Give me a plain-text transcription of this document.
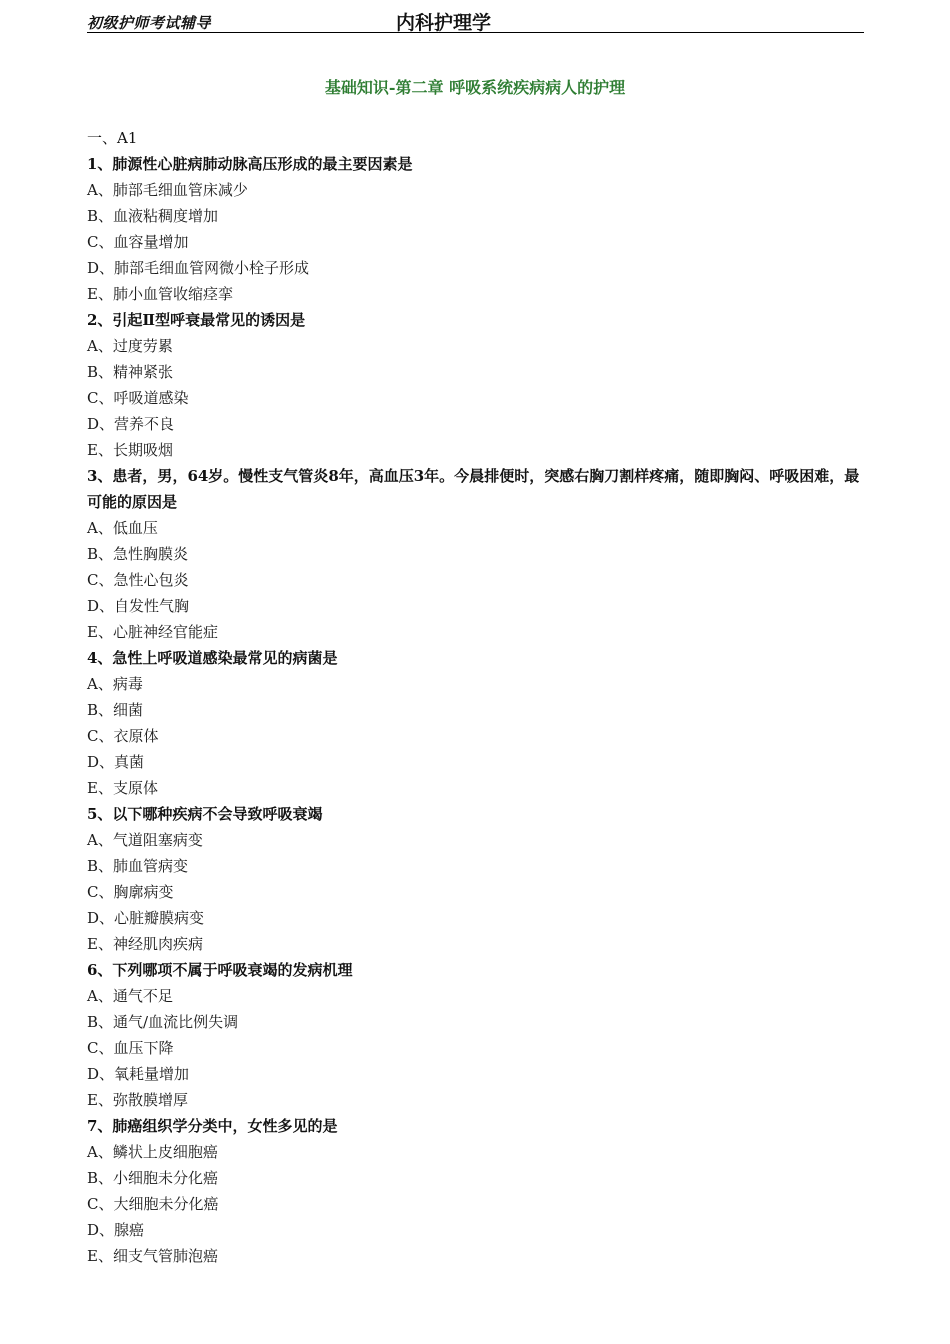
初级护师考试辅导	内科护理学
基础知识-第二章 呼吸系统疾病病人的护理
一、A1
1、肺源性心脏病肺动脉高压形成的最主要因素是
A、肺部毛细血管床减少
B、血液粘稠度增加
C、血容量增加
D、肺部毛细血管网微小栓子形成
E、肺小血管收缩痉挛
2、引起Ⅱ型呼衰最常见的诱因是
A、过度劳累
B、精神紧张
C、呼吸道感染
D、营养不良
E、长期吸烟
3、患者，男，64岁。慢性支气管炎8年，高血压3年。今晨排便时，突感右胸刀割样疼痛，随即胸闷、呼吸困难，最可能的原因是
A、低血压
B、急性胸膜炎
C、急性心包炎
D、自发性气胸
E、心脏神经官能症
4、急性上呼吸道感染最常见的病菌是
A、病毒
B、细菌
C、衣原体
D、真菌
E、支原体
5、以下哪种疾病不会导致呼吸衰竭
A、气道阻塞病变
B、肺血管病变
C、胸廓病变
D、心脏瓣膜病变
E、神经肌肉疾病
6、下列哪项不属于呼吸衰竭的发病机理
A、通气不足
B、通气/血流比例失调
C、血压下降
D、氧耗量增加
E、弥散膜增厚
7、肺癌组织学分类中，女性多见的是
A、鳞状上皮细胞癌
B、小细胞未分化癌
C、大细胞未分化癌
D、腺癌
E、细支气管肺泡癌
